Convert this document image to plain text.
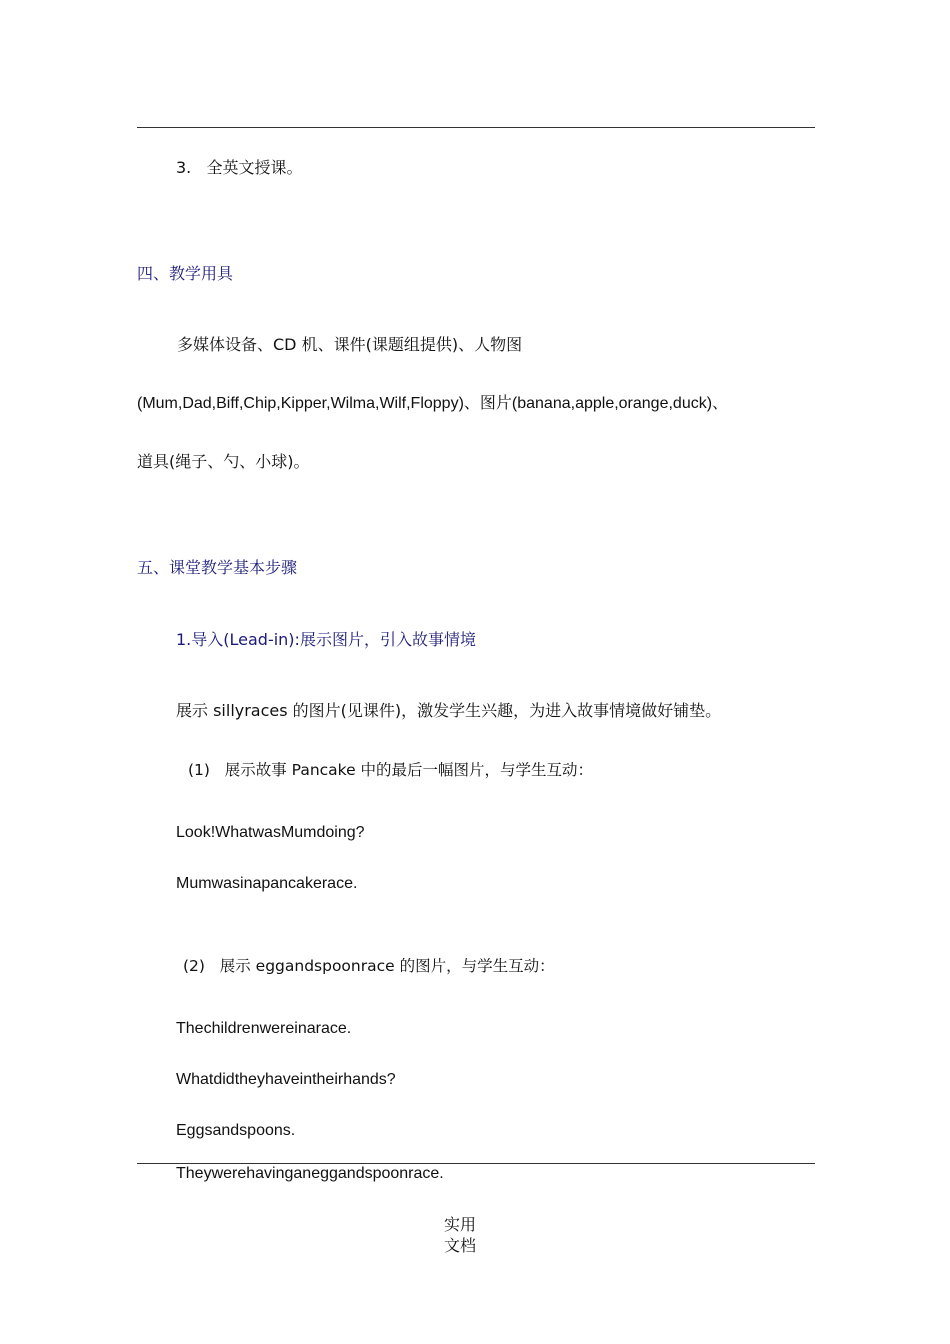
3.   全英文授课。
四、教学用具
多媒体设备、CD 机、课件(课题组提供)、人物图
(Mum,Dad,Biff,Chip,Kipper,Wilma,Wilf,Floppy)、图片(banana,apple,orange,duck)、
道具(绳子、勺、小球)。
五、课堂教学基本步骤
1.导入(Lead-in):展示图片，引入故事情境
展示 sillyraces 的图片(见课件)，激发学生兴趣，为进入故事情境做好铺垫。
(1)   展示故事 Pancake 中的最后一幅图片，与学生互动：
Look!WhatwasMumdoing?
Mumwasinapancakerace.
(2)   展示 eggandspoonrace 的图片，与学生互动：
Thechildrenwereinarace.
Whatdidtheyhaveintheirhands?
Eggsandspoons.
Theywerehavinganeggandspoonrace.
实用
文档
